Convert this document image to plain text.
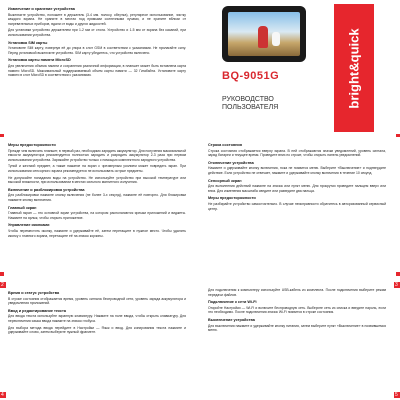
Извлечение и хранение устройства

Выключите устройство, положите в держатель (3-4 мм. полосу, обертка), регулярное использование, чистку каждого экрана. Не храните в местах под прямыми солнечными лучами, и не храните вблизи от нагревательных приборов, вдали от воды и других жидкостей.

Для установки устройство держателем при 1-2 мм от стола. Устройство и 1-5 мм от экрана без касаний, при использовании устройства.

Установка SIM карты

Установите SIM карту, повернув её до упора в слот GSM в соответствии с указаниями. Не прилагайте силу. Перед установкой выключите устройство. SIM карту убедитесь, что устройство включено.

Установка карты памяти MicroSD

Для увеличения объема памяти и сохранения различной информации, в планшет может быть вставлена карта памяти MicroSD. Максимальный поддерживаемый объем карты памяти — 32 Гигабайта. Установите карту памяти в слот MicroSD в соответствии с указаниями.	BQ-9051G
РУКОВОДСТВО
ПОЛЬЗОВАТЕЛЯ	bright&quick
Меры предосторожности

Прежде чем включить планшет, в первый раз, необходимо зарядить аккумулятор. Для получения максимальной емкости аккумулятора рекомендуется полностью зарядить и разрядить аккумулятор 2-3 раза при первом использовании устройства. Заряжайте устройство только с помощью комплектного зарядного устройства.

Тупой и жесткий предмет, а также нажатие на экран с чрезмерным усилием может повредить экран. При использовании сенсорного экрана рекомендуется не использовать острые предметы.

Не допускайте попадания воды на устройство. Не используйте устройство при высокой температуре или высокой влажности, при использовании в местах сильного магнитного излучения.

Включение и разблокировка устройства

Для разблокировки нажмите кнопку включения (не более 3-х секунд), нажмите её повторно. Для блокировки нажмите кнопку включения.

Главный экран

Главный экран — это основной экран устройства, на котором располагаются ярлыки приложений и виджеты. Нажмите на ярлык, чтобы открыть приложение.

Управление иконками

Чтобы переместить иконку, нажмите и удерживайте её, затем перетащите в нужное место. Чтобы удалить иконку с главного экрана, перетащите её на значок корзины.

Строка состояния

Строка состояния отображается вверху экрана. В ней отображаются значки уведомлений, уровень сигнала, заряд батареи и текущее время. Проведите вниз по строке, чтобы открыть панель уведомлений.

Отключение устройства

Нажмите и удерживайте кнопку включения, пока не появится меню. Выберите «Выключение» и подтвердите действие. Если устройство не отвечает, нажмите и удерживайте кнопку включения в течение 10 секунд.

Сенсорный экран

Для выполнения действий нажмите на значок или пункт меню. Для прокрутки проведите пальцем вверх или вниз. Для изменения масштаба сведите или разведите два пальца.

Меры предосторожности

Не разбирайте устройство самостоятельно. В случае неисправности обратитесь в авторизованный сервисный центр.

2	3
Время и статус устройства

В строке состояния отображается время, уровень сигнала беспроводной сети, уровень заряда аккумулятора и уведомления приложений.

Ввод и редактирование текста

Для ввода текста используйте экранную клавиатуру. Нажмите на поле ввода, чтобы открыть клавиатуру. Для переключения языка ввода нажмите на значок глобуса.

Для выбора метода ввода перейдите в Настройки — Язык и ввод. Для копирования текста нажмите и удерживайте слово, затем выберите нужный фрагмент.

Для подключения к компьютеру используйте USB-кабель из комплекта. После подключения выберите режим передачи файлов.

Подключение к сети Wi-Fi

Откройте Настройки — Wi-Fi и включите беспроводную сеть. Выберите сеть из списка и введите пароль, если это необходимо. После подключения значок Wi-Fi появится в строке состояния.

Выключение устройства

Для выключения нажмите и удерживайте кнопку питания, затем выберите пункт «Выключение» в появившемся меню.

4	5
